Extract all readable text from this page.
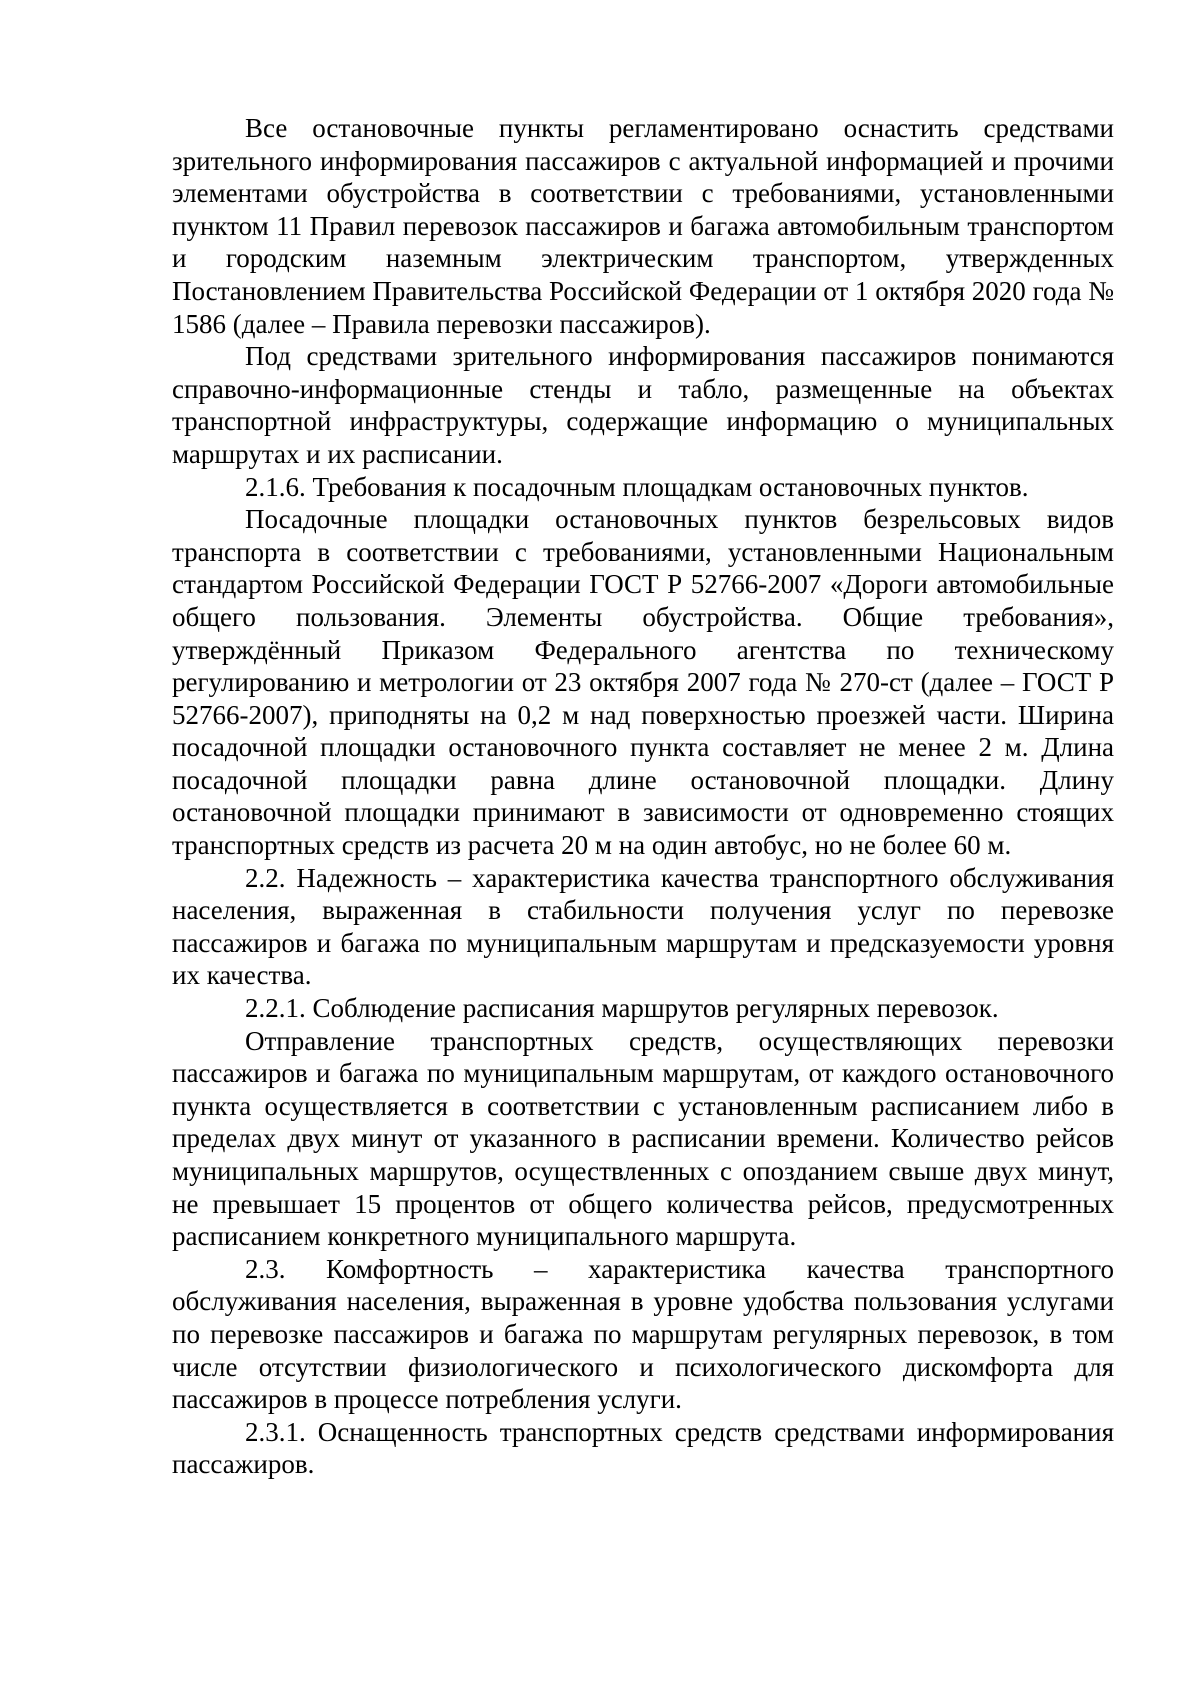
Все остановочные пункты регламентировано оснастить средствами зрительного информирования пассажиров с актуальной информацией и прочими элементами обустройства в соответствии с требованиями, установленными пунктом 11 Правил перевозок пассажиров и багажа автомобильным транспортом и городским наземным электрическим транспортом, утвержденных Постановлением Правительства Российской Федерации от 1 октября 2020 года № 1586 (далее – Правила перевозки пассажиров).

Под средствами зрительного информирования пассажиров понимаются справочно-информационные стенды и табло, размещенные на объектах транспортной инфраструктуры, содержащие информацию о муниципальных маршрутах и их расписании.

2.1.6. Требования к посадочным площадкам остановочных пунктов.

Посадочные площадки остановочных пунктов безрельсовых видов транспорта в соответствии с требованиями, установленными Национальным стандартом Российской Федерации ГОСТ Р 52766-2007 «Дороги автомобильные общего пользования. Элементы обустройства. Общие требования», утверждённый Приказом Федерального агентства по техническому регулированию и метрологии от 23 октября 2007 года № 270-ст (далее – ГОСТ Р 52766-2007), приподняты на 0,2 м над поверхностью проезжей части. Ширина посадочной площадки остановочного пункта составляет не менее 2 м. Длина посадочной площадки равна длине остановочной площадки. Длину остановочной площадки принимают в зависимости от одновременно стоящих транспортных средств из расчета 20 м на один автобус, но не более 60 м.

2.2. Надежность – характеристика качества транспортного обслуживания населения, выраженная в стабильности получения услуг по перевозке пассажиров и багажа по муниципальным маршрутам и предсказуемости уровня их качества.

2.2.1. Соблюдение расписания маршрутов регулярных перевозок.

Отправление транспортных средств, осуществляющих перевозки пассажиров и багажа по муниципальным маршрутам, от каждого остановочного пункта осуществляется в соответствии с установленным расписанием либо в пределах двух минут от указанного в расписании времени. Количество рейсов муниципальных маршрутов, осуществленных с опозданием свыше двух минут, не превышает 15 процентов от общего количества рейсов, предусмотренных расписанием конкретного муниципального маршрута.

2.3. Комфортность – характеристика качества транспортного обслуживания населения, выраженная в уровне удобства пользования услугами по перевозке пассажиров и багажа по маршрутам регулярных перевозок, в том числе отсутствии физиологического и психологического дискомфорта для пассажиров в процессе потребления услуги.

2.3.1. Оснащенность транспортных средств средствами информирования пассажиров.
